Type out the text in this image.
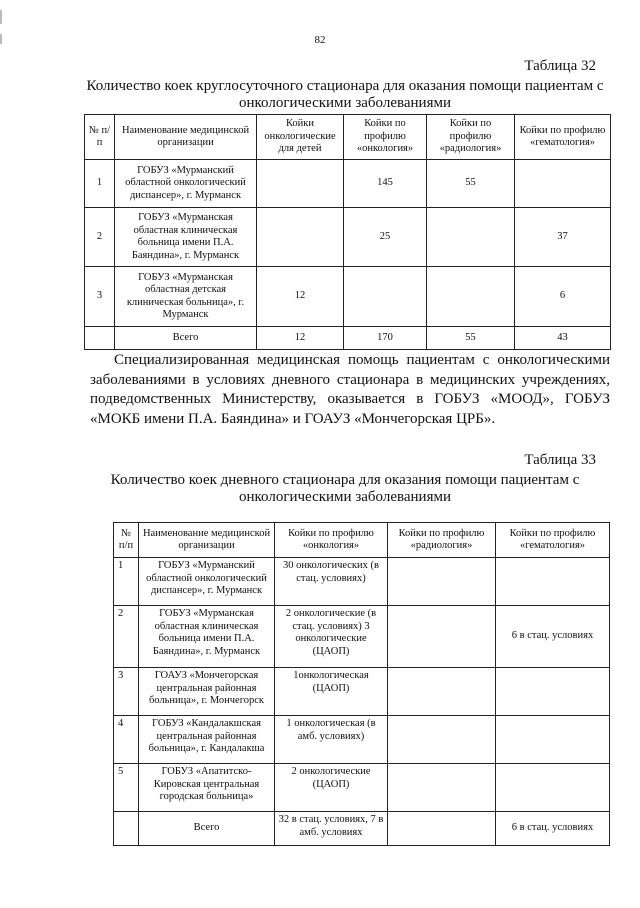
82
Таблица 32
Количество коек круглосуточного стационара для оказания помощи пациентам с онкологическими заболеваниями
№ п/п	Наименование медицинской организации	Койки онкологические для детей	Койки по профилю «онкология»	Койки по профилю «радиология»	Койки по профилю «гематология»
1	ГОБУЗ «Мурманский областной онкологический диспансер», г. Мурманск		145	55	
2	ГОБУЗ «Мурманская областная клиническая больница имени П.А. Баяндина», г. Мурманск		25		37
3	ГОБУЗ «Мурманская областная детская клиническая больница», г. Мурманск	12			6
	Всего	12	170	55	43
Специализированная медицинская помощь пациентам с онкологическими заболеваниями в условиях дневного стационара в медицинских учреждениях, подведомственных Министерству, оказывается в ГОБУЗ «МООД», ГОБУЗ «МОКБ имени П.А. Баяндина» и ГОАУЗ «Мончегорская ЦРБ».
Таблица 33
Количество коек дневного стационара для оказания помощи пациентам с онкологическими заболеваниями
№ п/п	Наименование медицинской организации	Койки по профилю «онкология»	Койки по профилю «радиология»	Койки по профилю «гематология»
1	ГОБУЗ «Мурманский областной онкологический диспансер», г. Мурманск	30 онкологических (в стац. условиях)		
2	ГОБУЗ «Мурманская областная клиническая больница имени П.А. Баяндина», г. Мурманск	2 онкологические (в стац. условиях) 3 онкологические (ЦАОП)		6 в стац. условиях
3	ГОАУЗ «Мончегорская центральная районная больница», г. Мончегорск	1онкологическая (ЦАОП)		
4	ГОБУЗ «Кандалакшская центральная районная больница», г. Кандалакша	1 онкологическая (в амб. условиях)		
5	ГОБУЗ «Апатитско-Кировская центральная городская больница»	2 онкологические (ЦАОП)		
	Всего	32 в стац. условиях, 7 в амб. условиях		6 в стац. условиях
